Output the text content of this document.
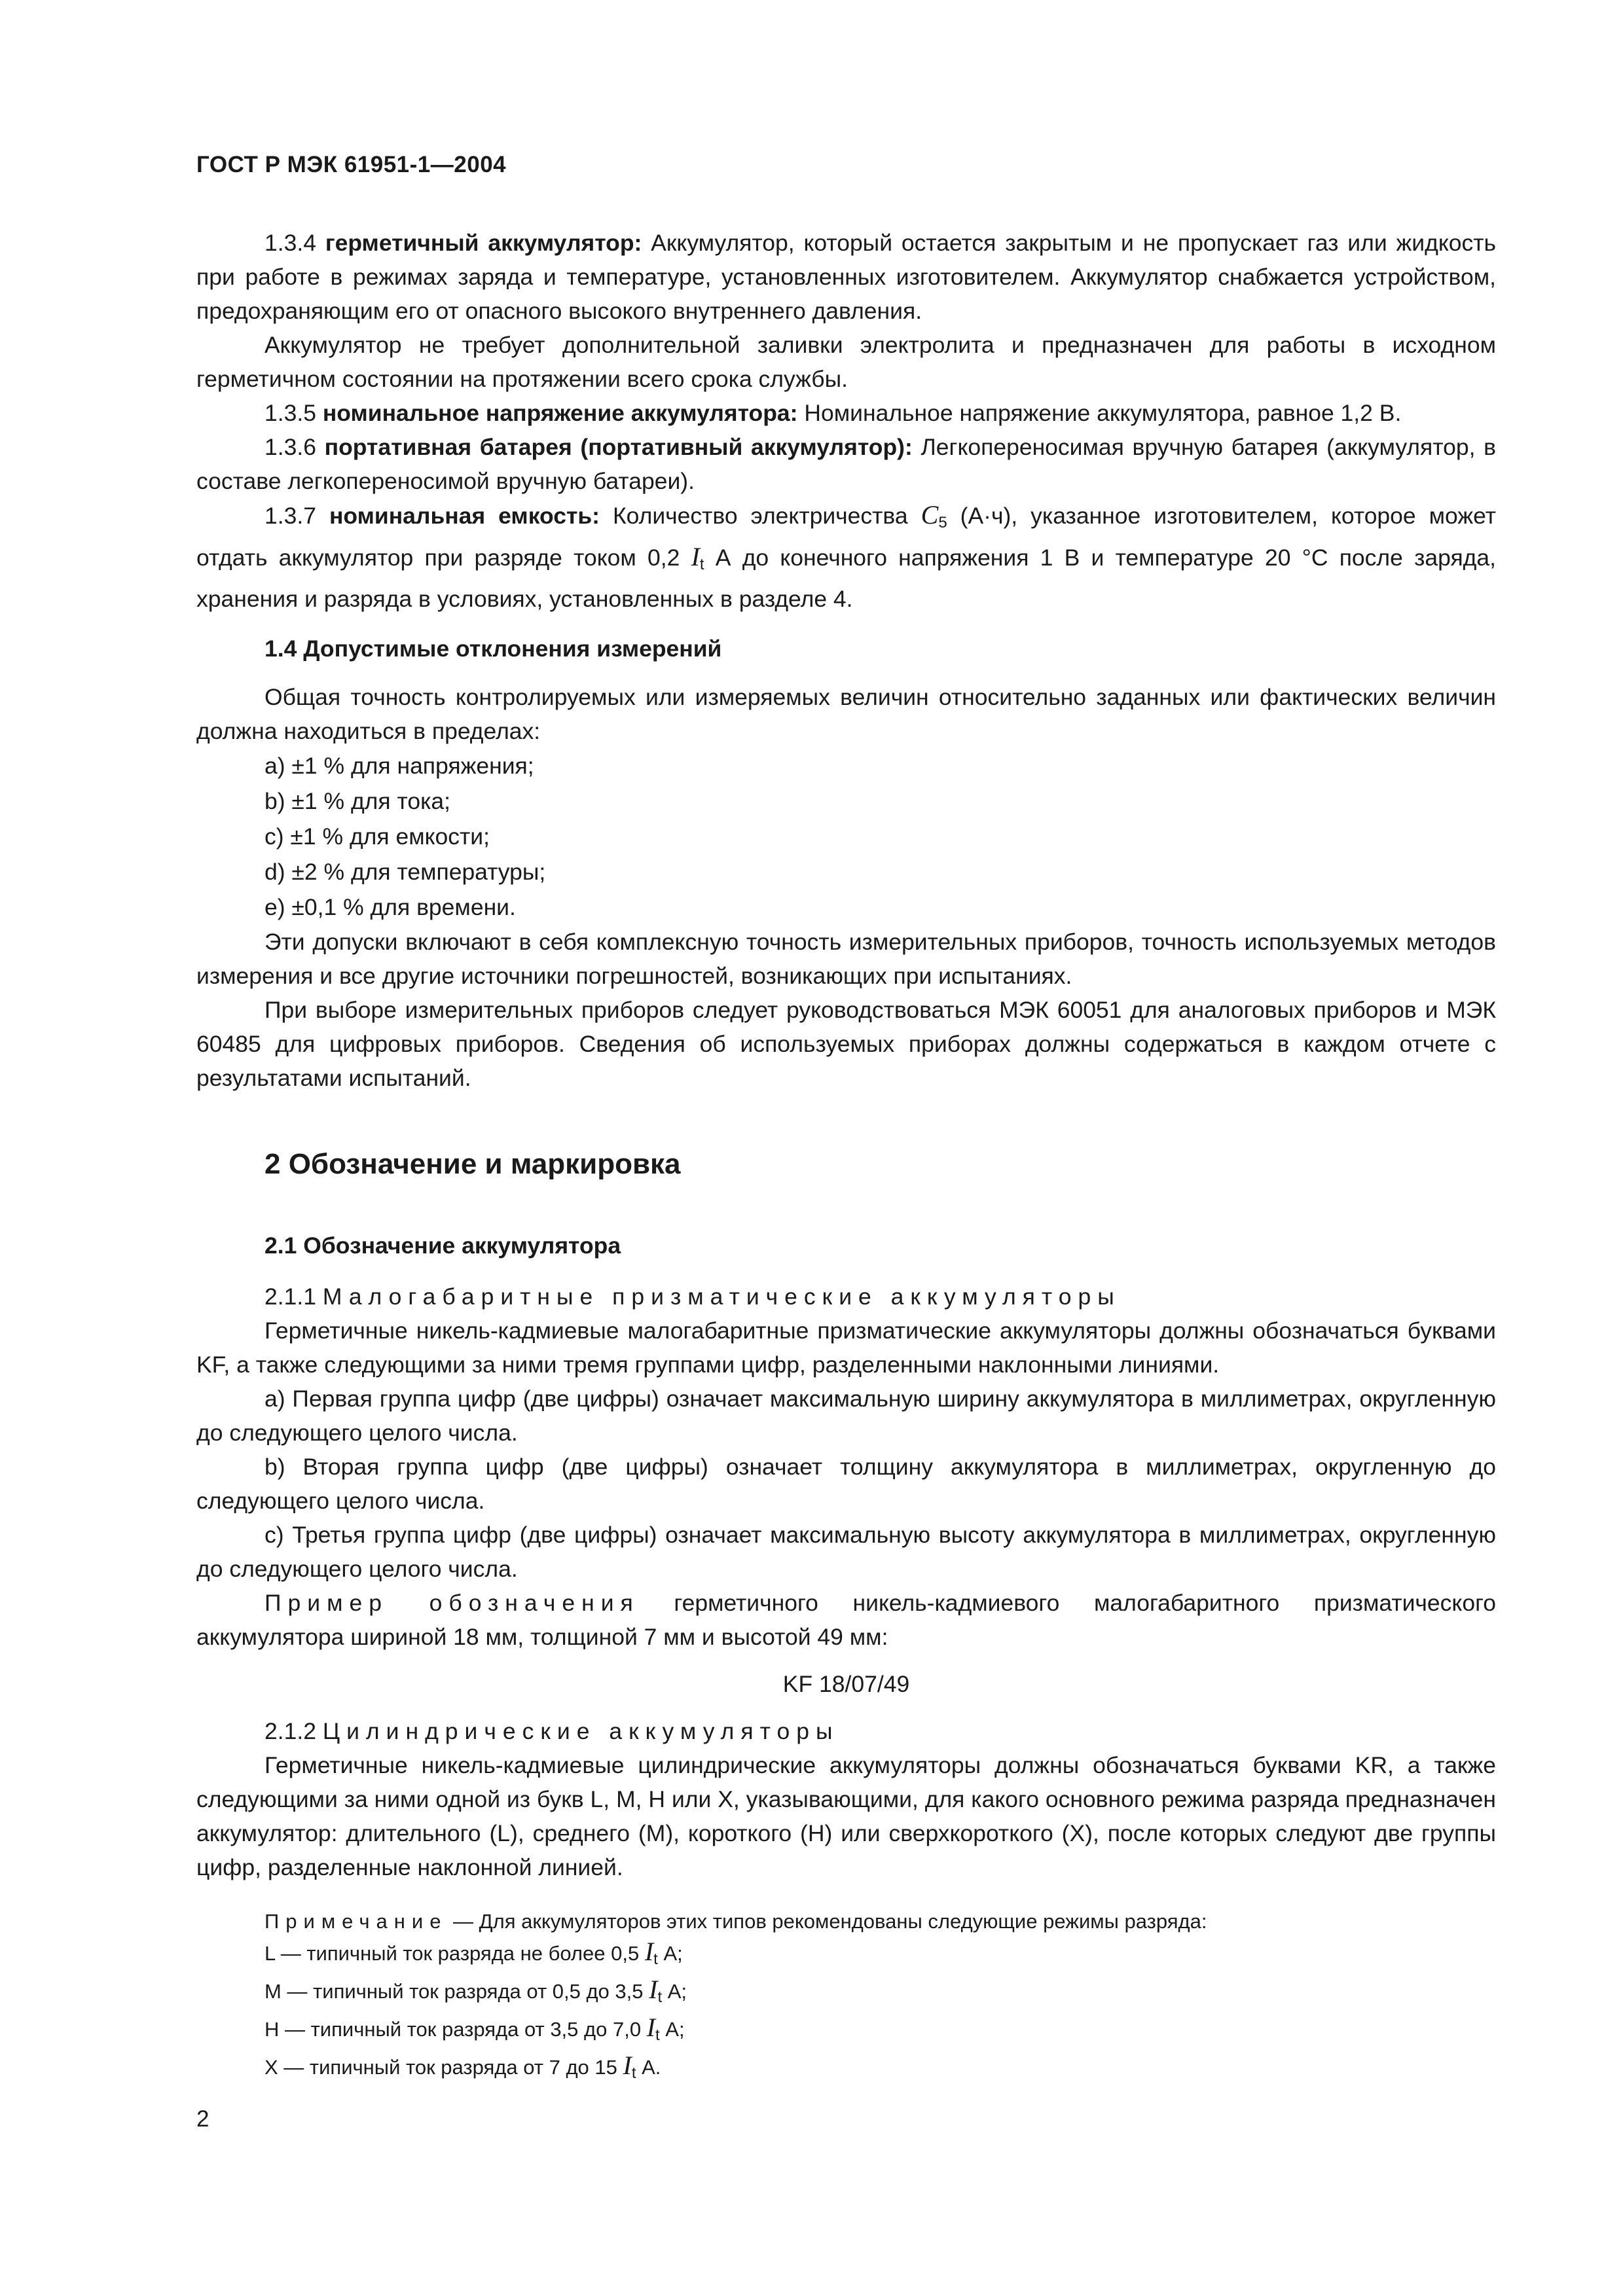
ГОСТ Р МЭК 61951-1—2004

1.3.4 герметичный аккумулятор: Аккумулятор, который остается закрытым и не пропускает газ или жидкость при работе в режимах заряда и температуре, установленных изготовителем. Аккумулятор снабжается устройством, предохраняющим его от опасного высокого внутреннего давления.

Аккумулятор не требует дополнительной заливки электролита и предназначен для работы в исходном герметичном состоянии на протяжении всего срока службы.

1.3.5 номинальное напряжение аккумулятора: Номинальное напряжение аккумулятора, равное 1,2 В.

1.3.6 портативная батарея (портативный аккумулятор): Легкопереносимая вручную батарея (аккумулятор, в составе легкопереносимой вручную батареи).

1.3.7 номинальная емкость: Количество электричества $C_5$ (А·ч), указанное изготовителем, которое может отдать аккумулятор при разряде током 0,2 $I_t$ А до конечного напряжения 1 В и температуре 20 °С после заряда, хранения и разряда в условиях, установленных в разделе 4.

1.4 Допустимые отклонения измерений

Общая точность контролируемых или измеряемых величин относительно заданных или фактических величин должна находиться в пределах:

а) ±1 % для напряжения;
b) ±1 % для тока;
c) ±1 % для емкости;
d) ±2 % для температуры;
e) ±0,1 % для времени.

Эти допуски включают в себя комплексную точность измерительных приборов, точность используемых методов измерения и все другие источники погрешностей, возникающих при испытаниях.

При выборе измерительных приборов следует руководствоваться МЭК 60051 для аналоговых приборов и МЭК 60485 для цифровых приборов. Сведения об используемых приборах должны содержаться в каждом отчете с результатами испытаний.

2 Обозначение и маркировка
2.1 Обозначение аккумулятора

2.1.1 Малогабаритные призматические аккумуляторы

Герметичные никель-кадмиевые малогабаритные призматические аккумуляторы должны обозначаться буквами KF, а также следующими за ними тремя группами цифр, разделенными наклонными линиями.

а) Первая группа цифр (две цифры) означает максимальную ширину аккумулятора в миллиметрах, округленную до следующего целого числа.

b) Вторая группа цифр (две цифры) означает толщину аккумулятора в миллиметрах, округленную до следующего целого числа.

c) Третья группа цифр (две цифры) означает максимальную высоту аккумулятора в миллиметрах, округленную до следующего целого числа.

Пример обозначения герметичного никель-кадмиевого малогабаритного призматического аккумулятора шириной 18 мм, толщиной 7 мм и высотой 49 мм:

KF 18/07/49

2.1.2 Цилиндрические аккумуляторы

Герметичные никель-кадмиевые цилиндрические аккумуляторы должны обозначаться буквами KR, а также следующими за ними одной из букв L, М, Н или X, указывающими, для какого основного режима разряда предназначен аккумулятор: длительного (L), среднего (М), короткого (Н) или сверхкороткого (X), после которых следуют две группы цифр, разделенные наклонной линией.

Примечание — Для аккумуляторов этих типов рекомендованы следующие режимы разряда:

L — типичный ток разряда не более 0,5 $I_t$ А;

М — типичный ток разряда от 0,5 до 3,5 $I_t$ А;

Н — типичный ток разряда от 3,5 до 7,0 $I_t$ А;

X — типичный ток разряда от 7 до 15 $I_t$ А.

2
